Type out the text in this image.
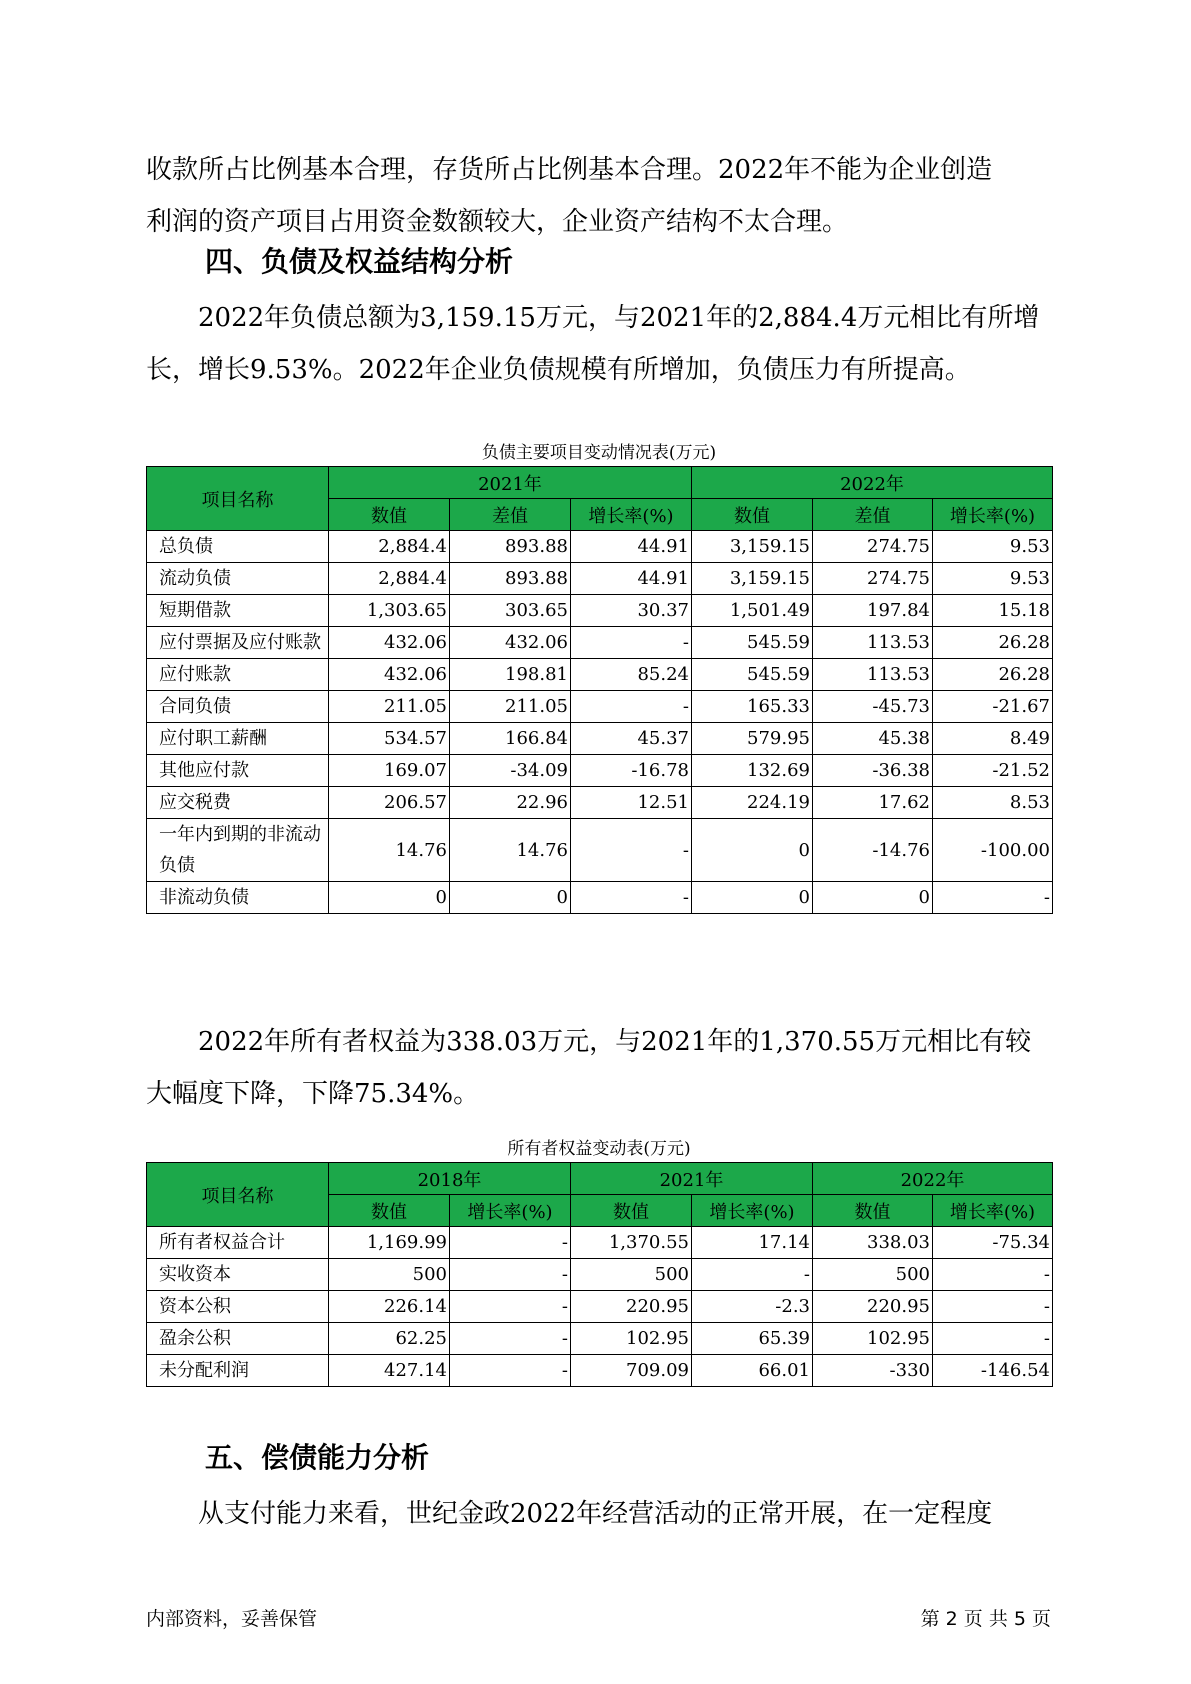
收款所占比例基本合理，存货所占比例基本合理。2022年不能为企业创造
利润的资产项目占用资金数额较大，企业资产结构不太合理。
四、负债及权益结构分析
2022年负债总额为3,159.15万元，与2021年的2,884.4万元相比有所增
长，增长9.53%。2022年企业负债规模有所增加，负债压力有所提高。
负债主要项目变动情况表(万元)
项目名称	2021年			2022年		
	数值	差值	增长率(%)	数值	差值	增长率(%)
总负债	2,884.4	893.88	44.91	3,159.15	274.75	9.53
流动负债	2,884.4	893.88	44.91	3,159.15	274.75	9.53
短期借款	1,303.65	303.65	30.37	1,501.49	197.84	15.18
应付票据及应付账款	432.06	432.06	-	545.59	113.53	26.28
应付账款	432.06	198.81	85.24	545.59	113.53	26.28
合同负债	211.05	211.05	-	165.33	-45.73	-21.67
应付职工薪酬	534.57	166.84	45.37	579.95	45.38	8.49
其他应付款	169.07	-34.09	-16.78	132.69	-36.38	-21.52
应交税费	206.57	22.96	12.51	224.19	17.62	8.53
一年内到期的非流动负债	14.76	14.76	-	0	-14.76	-100.00
非流动负债	0	0	-	0	0	-
2022年所有者权益为338.03万元，与2021年的1,370.55万元相比有较
大幅度下降，下降75.34%。
所有者权益变动表(万元)
项目名称	2018年		2021年		2022年	
	数值	增长率(%)	数值	增长率(%)	数值	增长率(%)
所有者权益合计	1,169.99	-	1,370.55	17.14	338.03	-75.34
实收资本	500	-	500	-	500	-
资本公积	226.14	-	220.95	-2.3	220.95	-
盈余公积	62.25	-	102.95	65.39	102.95	-
未分配利润	427.14	-	709.09	66.01	-330	-146.54
五、偿债能力分析
从支付能力来看，世纪金政2022年经营活动的正常开展，在一定程度
内部资料，妥善保管	第 2 页 共 5 页
